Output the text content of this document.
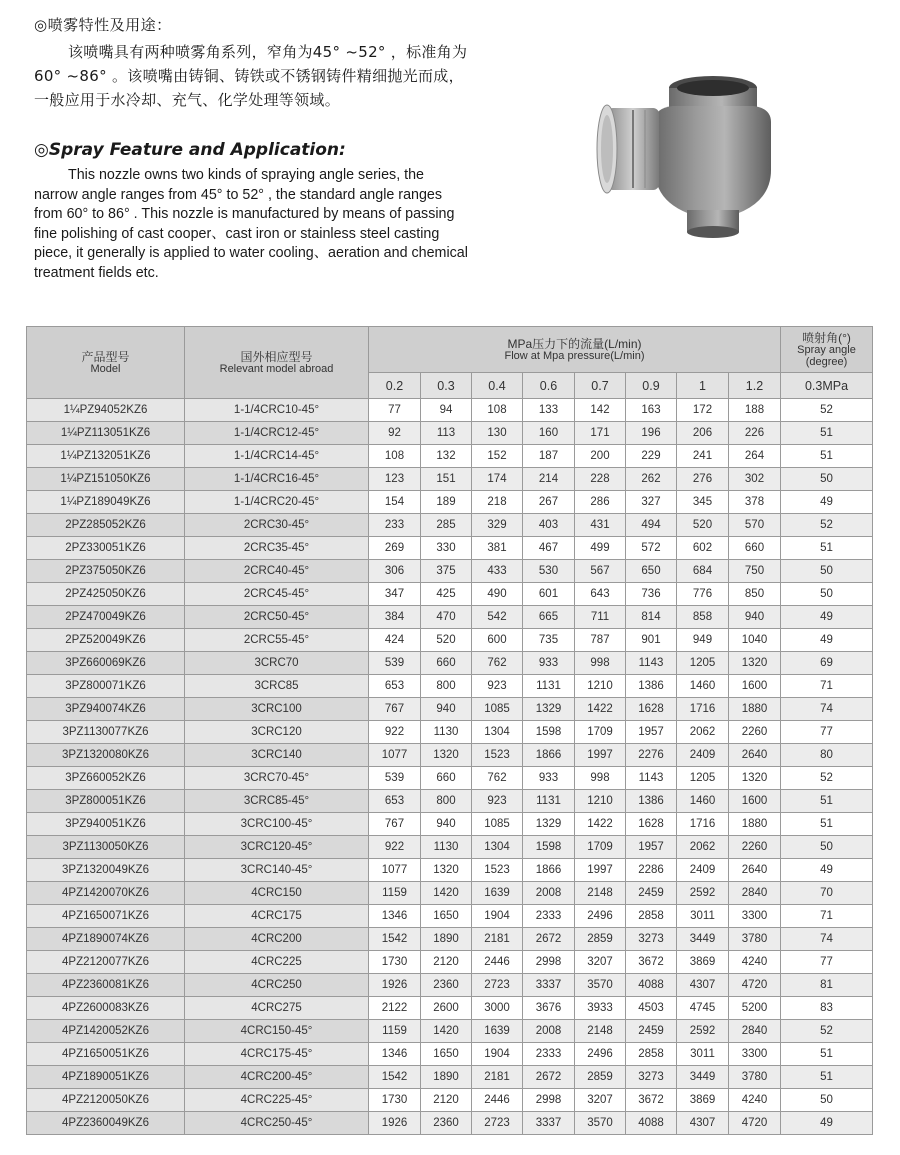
◎喷雾特性及用途：
该喷嘴具有两种喷雾角系列，窄角为45° ~52° ，标准角为60° ~86° 。该喷嘴由铸铜、铸铁或不锈钢铸件精细抛光而成，一般应用于水冷却、充气、化学处理等领域。
◎Spray Feature and Application:
This nozzle owns two kinds of spraying angle series, the narrow angle ranges from 45° to 52° , the standard angle ranges from 60° to 86° . This nozzle is manufactured by means of passing fine polishing of cast cooper、cast iron or stainless steel casting piece, it generally is applied to water cooling、aeration and chemical treatment fields etc.
产品型号
Model	国外相应型号
Relevant model abroad	MPa压力下的流量(L/min)
Flow at Mpa pressure(L/min)								喷射角(°)
Spray angle (degree)

		0.2	0.3	0.4	0.6	0.7	0.9	1	1.2	0.3MPa
1¼PZ94052KZ6	1-1/4CRC10-45°	77	94	108	133	142	163	172	188	52
1¼PZ113051KZ6	1-1/4CRC12-45°	92	113	130	160	171	196	206	226	51
1¼PZ132051KZ6	1-1/4CRC14-45°	108	132	152	187	200	229	241	264	51
1¼PZ151050KZ6	1-1/4CRC16-45°	123	151	174	214	228	262	276	302	50
1¼PZ189049KZ6	1-1/4CRC20-45°	154	189	218	267	286	327	345	378	49
2PZ285052KZ6	2CRC30-45°	233	285	329	403	431	494	520	570	52
2PZ330051KZ6	2CRC35-45°	269	330	381	467	499	572	602	660	51
2PZ375050KZ6	2CRC40-45°	306	375	433	530	567	650	684	750	50
2PZ425050KZ6	2CRC45-45°	347	425	490	601	643	736	776	850	50
2PZ470049KZ6	2CRC50-45°	384	470	542	665	711	814	858	940	49
2PZ520049KZ6	2CRC55-45°	424	520	600	735	787	901	949	1040	49
3PZ660069KZ6	3CRC70	539	660	762	933	998	1143	1205	1320	69
3PZ800071KZ6	3CRC85	653	800	923	1131	1210	1386	1460	1600	71
3PZ940074KZ6	3CRC100	767	940	1085	1329	1422	1628	1716	1880	74
3PZ1130077KZ6	3CRC120	922	1130	1304	1598	1709	1957	2062	2260	77
3PZ1320080KZ6	3CRC140	1077	1320	1523	1866	1997	2276	2409	2640	80
3PZ660052KZ6	3CRC70-45°	539	660	762	933	998	1143	1205	1320	52
3PZ800051KZ6	3CRC85-45°	653	800	923	1131	1210	1386	1460	1600	51
3PZ940051KZ6	3CRC100-45°	767	940	1085	1329	1422	1628	1716	1880	51
3PZ1130050KZ6	3CRC120-45°	922	1130	1304	1598	1709	1957	2062	2260	50
3PZ1320049KZ6	3CRC140-45°	1077	1320	1523	1866	1997	2286	2409	2640	49
4PZ1420070KZ6	4CRC150	1159	1420	1639	2008	2148	2459	2592	2840	70
4PZ1650071KZ6	4CRC175	1346	1650	1904	2333	2496	2858	3011	3300	71
4PZ1890074KZ6	4CRC200	1542	1890	2181	2672	2859	3273	3449	3780	74
4PZ2120077KZ6	4CRC225	1730	2120	2446	2998	3207	3672	3869	4240	77
4PZ2360081KZ6	4CRC250	1926	2360	2723	3337	3570	4088	4307	4720	81
4PZ2600083KZ6	4CRC275	2122	2600	3000	3676	3933	4503	4745	5200	83
4PZ1420052KZ6	4CRC150-45°	1159	1420	1639	2008	2148	2459	2592	2840	52
4PZ1650051KZ6	4CRC175-45°	1346	1650	1904	2333	2496	2858	3011	3300	51
4PZ1890051KZ6	4CRC200-45°	1542	1890	2181	2672	2859	3273	3449	3780	51
4PZ2120050KZ6	4CRC225-45°	1730	2120	2446	2998	3207	3672	3869	4240	50
4PZ2360049KZ6	4CRC250-45°	1926	2360	2723	3337	3570	4088	4307	4720	49
